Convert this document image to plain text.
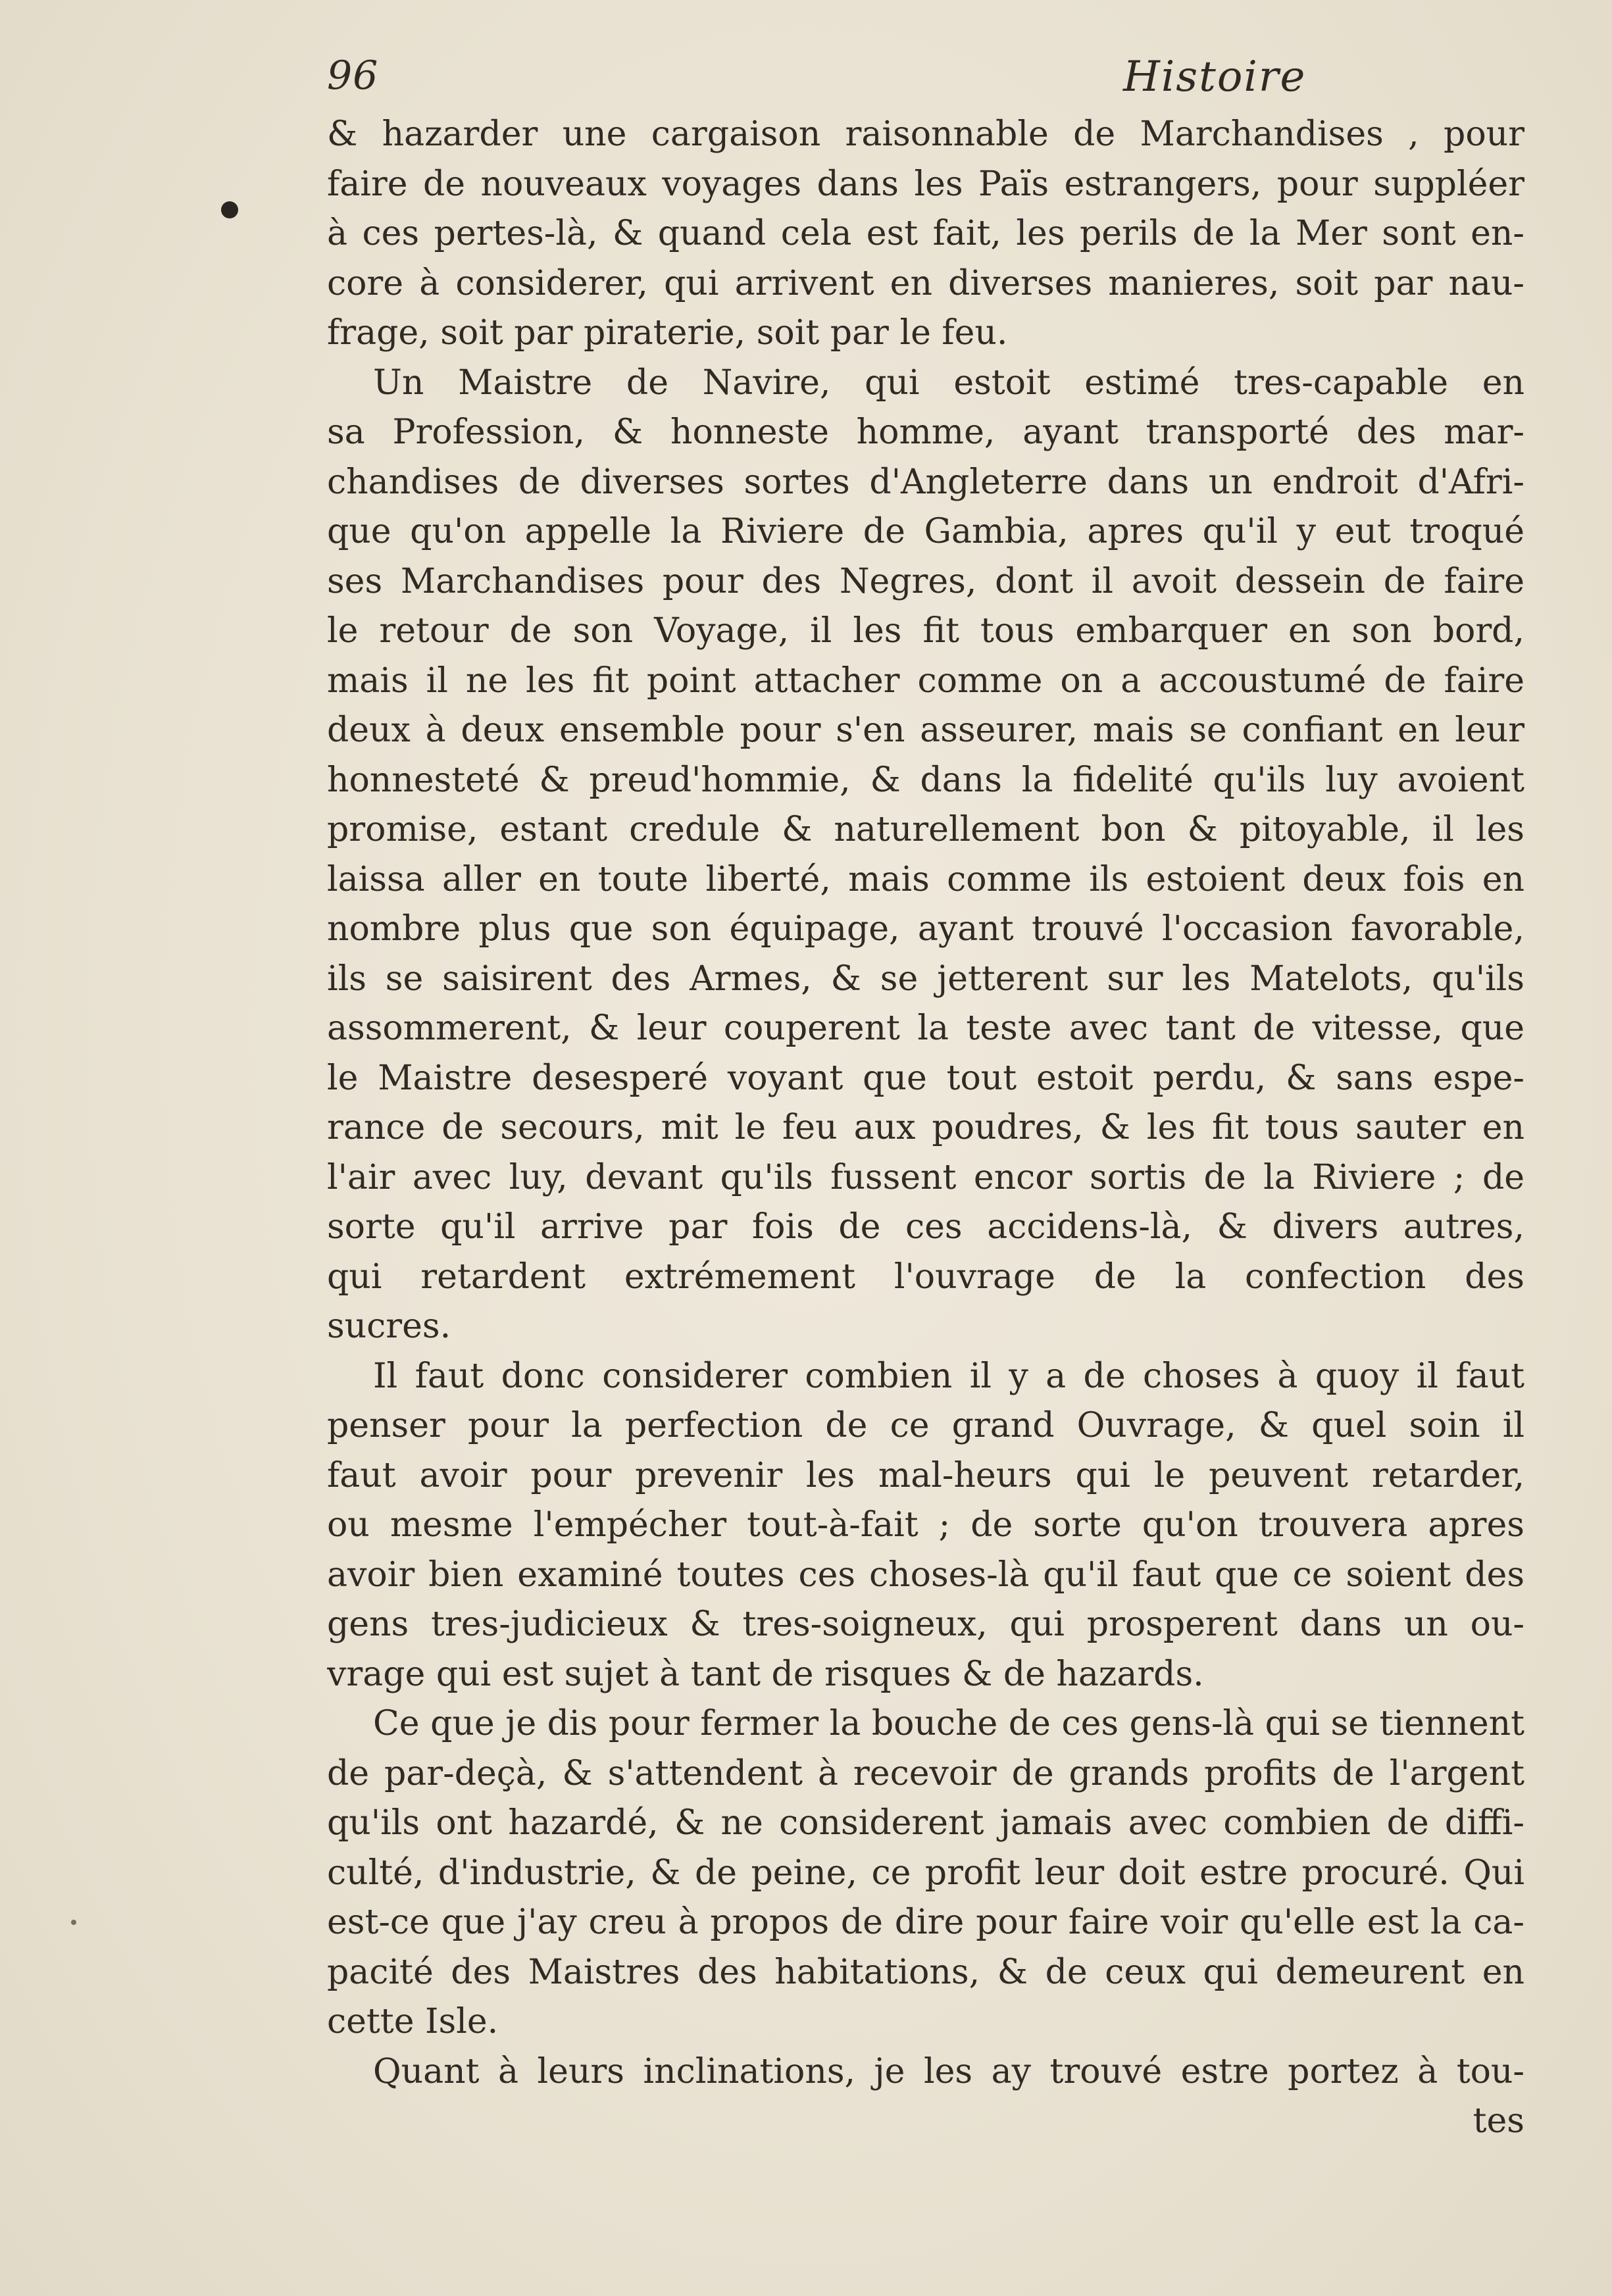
96	Histoire
& hazarder une cargaison raisonnable de Marchandises , pour
faire de nouveaux voyages dans les Païs estrangers, pour suppléer
à ces pertes-là, & quand cela est fait, les perils de la Mer sont en-
core à considerer, qui arrivent en diverses manieres, soit par nau-
frage, soit par piraterie, soit par le feu.
Un Maistre de Navire, qui estoit estimé tres-capable en
sa Profession, & honneste homme, ayant transporté des mar-
chandises de diverses sortes d'Angleterre dans un endroit d'Afri-
que qu'on appelle la Riviere de Gambia, apres qu'il y eut troqué
ses Marchandises pour des Negres, dont il avoit dessein de faire
le retour de son Voyage, il les fit tous embarquer en son bord,
mais il ne les fit point attacher comme on a accoustumé de faire
deux à deux ensemble pour s'en asseurer, mais se confiant en leur
honnesteté & preud'hommie, & dans la fidelité qu'ils luy avoient
promise, estant credule & naturellement bon & pitoyable, il les
laissa aller en toute liberté, mais comme ils estoient deux fois en
nombre plus que son équipage, ayant trouvé l'occasion favorable,
ils se saisirent des Armes, & se jetterent sur les Matelots, qu'ils
assommerent, & leur couperent la teste avec tant de vitesse, que
le Maistre desesperé voyant que tout estoit perdu, & sans espe-
rance de secours, mit le feu aux poudres, & les fit tous sauter en
l'air avec luy, devant qu'ils fussent encor sortis de la Riviere ; de
sorte qu'il arrive par fois de ces accidens-là, & divers autres,
qui retardent extrémement l'ouvrage de la confection des
sucres.
Il faut donc considerer combien il y a de choses à quoy il faut
penser pour la perfection de ce grand Ouvrage, & quel soin il
faut avoir pour prevenir les mal-heurs qui le peuvent retarder,
ou mesme l'empécher tout-à-fait ; de sorte qu'on trouvera apres
avoir bien examiné toutes ces choses-là qu'il faut que ce soient des
gens tres-judicieux & tres-soigneux, qui prosperent dans un ou-
vrage qui est sujet à tant de risques & de hazards.
Ce que je dis pour fermer la bouche de ces gens-là qui se tiennent
de par-deçà, & s'attendent à recevoir de grands profits de l'argent
qu'ils ont hazardé, & ne considerent jamais avec combien de diffi-
culté, d'industrie, & de peine, ce profit leur doit estre procuré. Qui
est-ce que j'ay creu à propos de dire pour faire voir qu'elle est la ca-
pacité des Maistres des habitations, & de ceux qui demeurent en
cette Isle.
Quant à leurs inclinations, je les ay trouvé estre portez à tou-
tes
